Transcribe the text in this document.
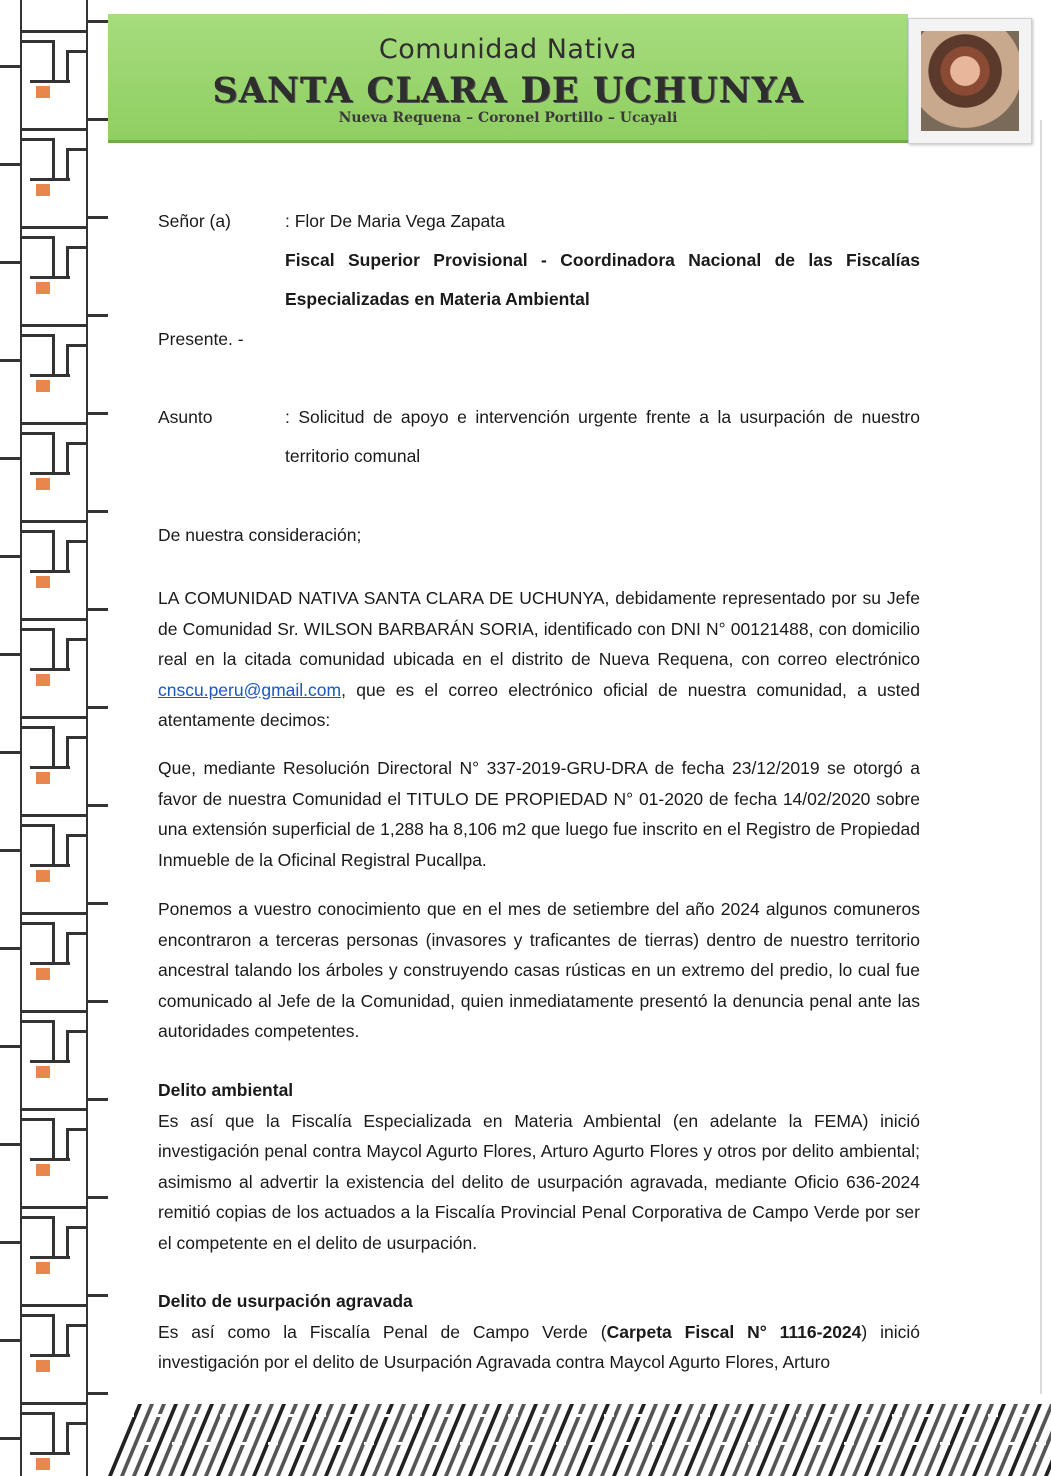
Comunidad Nativa
SANTA CLARA DE UCHUNYA
Nueva Requena – Coronel Portillo – Ucayali
Señor (a)	: Flor De Maria Vega Zapata
Fiscal Superior Provisional - Coordinadora Nacional de las Fiscalías Especializadas en Materia Ambiental
Presente. -
Asunto	: Solicitud de apoyo e intervención urgente frente a la usurpación de nuestro territorio comunal

De nuestra consideración;

LA COMUNIDAD NATIVA SANTA CLARA DE UCHUNYA, debidamente representado por su Jefe de Comunidad Sr. WILSON BARBARÁN SORIA, identificado con DNI N° 00121488, con domicilio real en la citada comunidad ubicada en el distrito de Nueva Requena, con correo electrónico cnscu.peru@gmail.com, que es el correo electrónico oficial de nuestra comunidad, a usted atentamente decimos:

Que, mediante Resolución Directoral N° 337-2019-GRU-DRA de fecha 23/12/2019 se otorgó a favor de nuestra Comunidad el TITULO DE PROPIEDAD N° 01-2020 de fecha 14/02/2020 sobre una extensión superficial de 1,288 ha 8,106 m2 que luego fue inscrito en el Registro de Propiedad Inmueble de la Oficinal Registral Pucallpa.

Ponemos a vuestro conocimiento que en el mes de setiembre del año 2024 algunos comuneros encontraron a terceras personas (invasores y traficantes de tierras) dentro de nuestro territorio ancestral talando los árboles y construyendo casas rústicas en un extremo del predio, lo cual fue comunicado al Jefe de la Comunidad, quien inmediatamente presentó la denuncia penal ante las autoridades competentes.

Delito ambiental

Es así que la Fiscalía Especializada en Materia Ambiental (en adelante la FEMA) inició investigación penal contra Maycol Agurto Flores, Arturo Agurto Flores y otros por delito ambiental; asimismo al advertir la existencia del delito de usurpación agravada, mediante Oficio 636-2024 remitió copias de los actuados a la Fiscalía Provincial Penal Corporativa de Campo Verde por ser el competente en el delito de usurpación.

Delito de usurpación agravada

Es así como la Fiscalía Penal de Campo Verde (Carpeta Fiscal N° 1116-2024) inició investigación por el delito de Usurpación Agravada contra Maycol Agurto Flores, Arturo
